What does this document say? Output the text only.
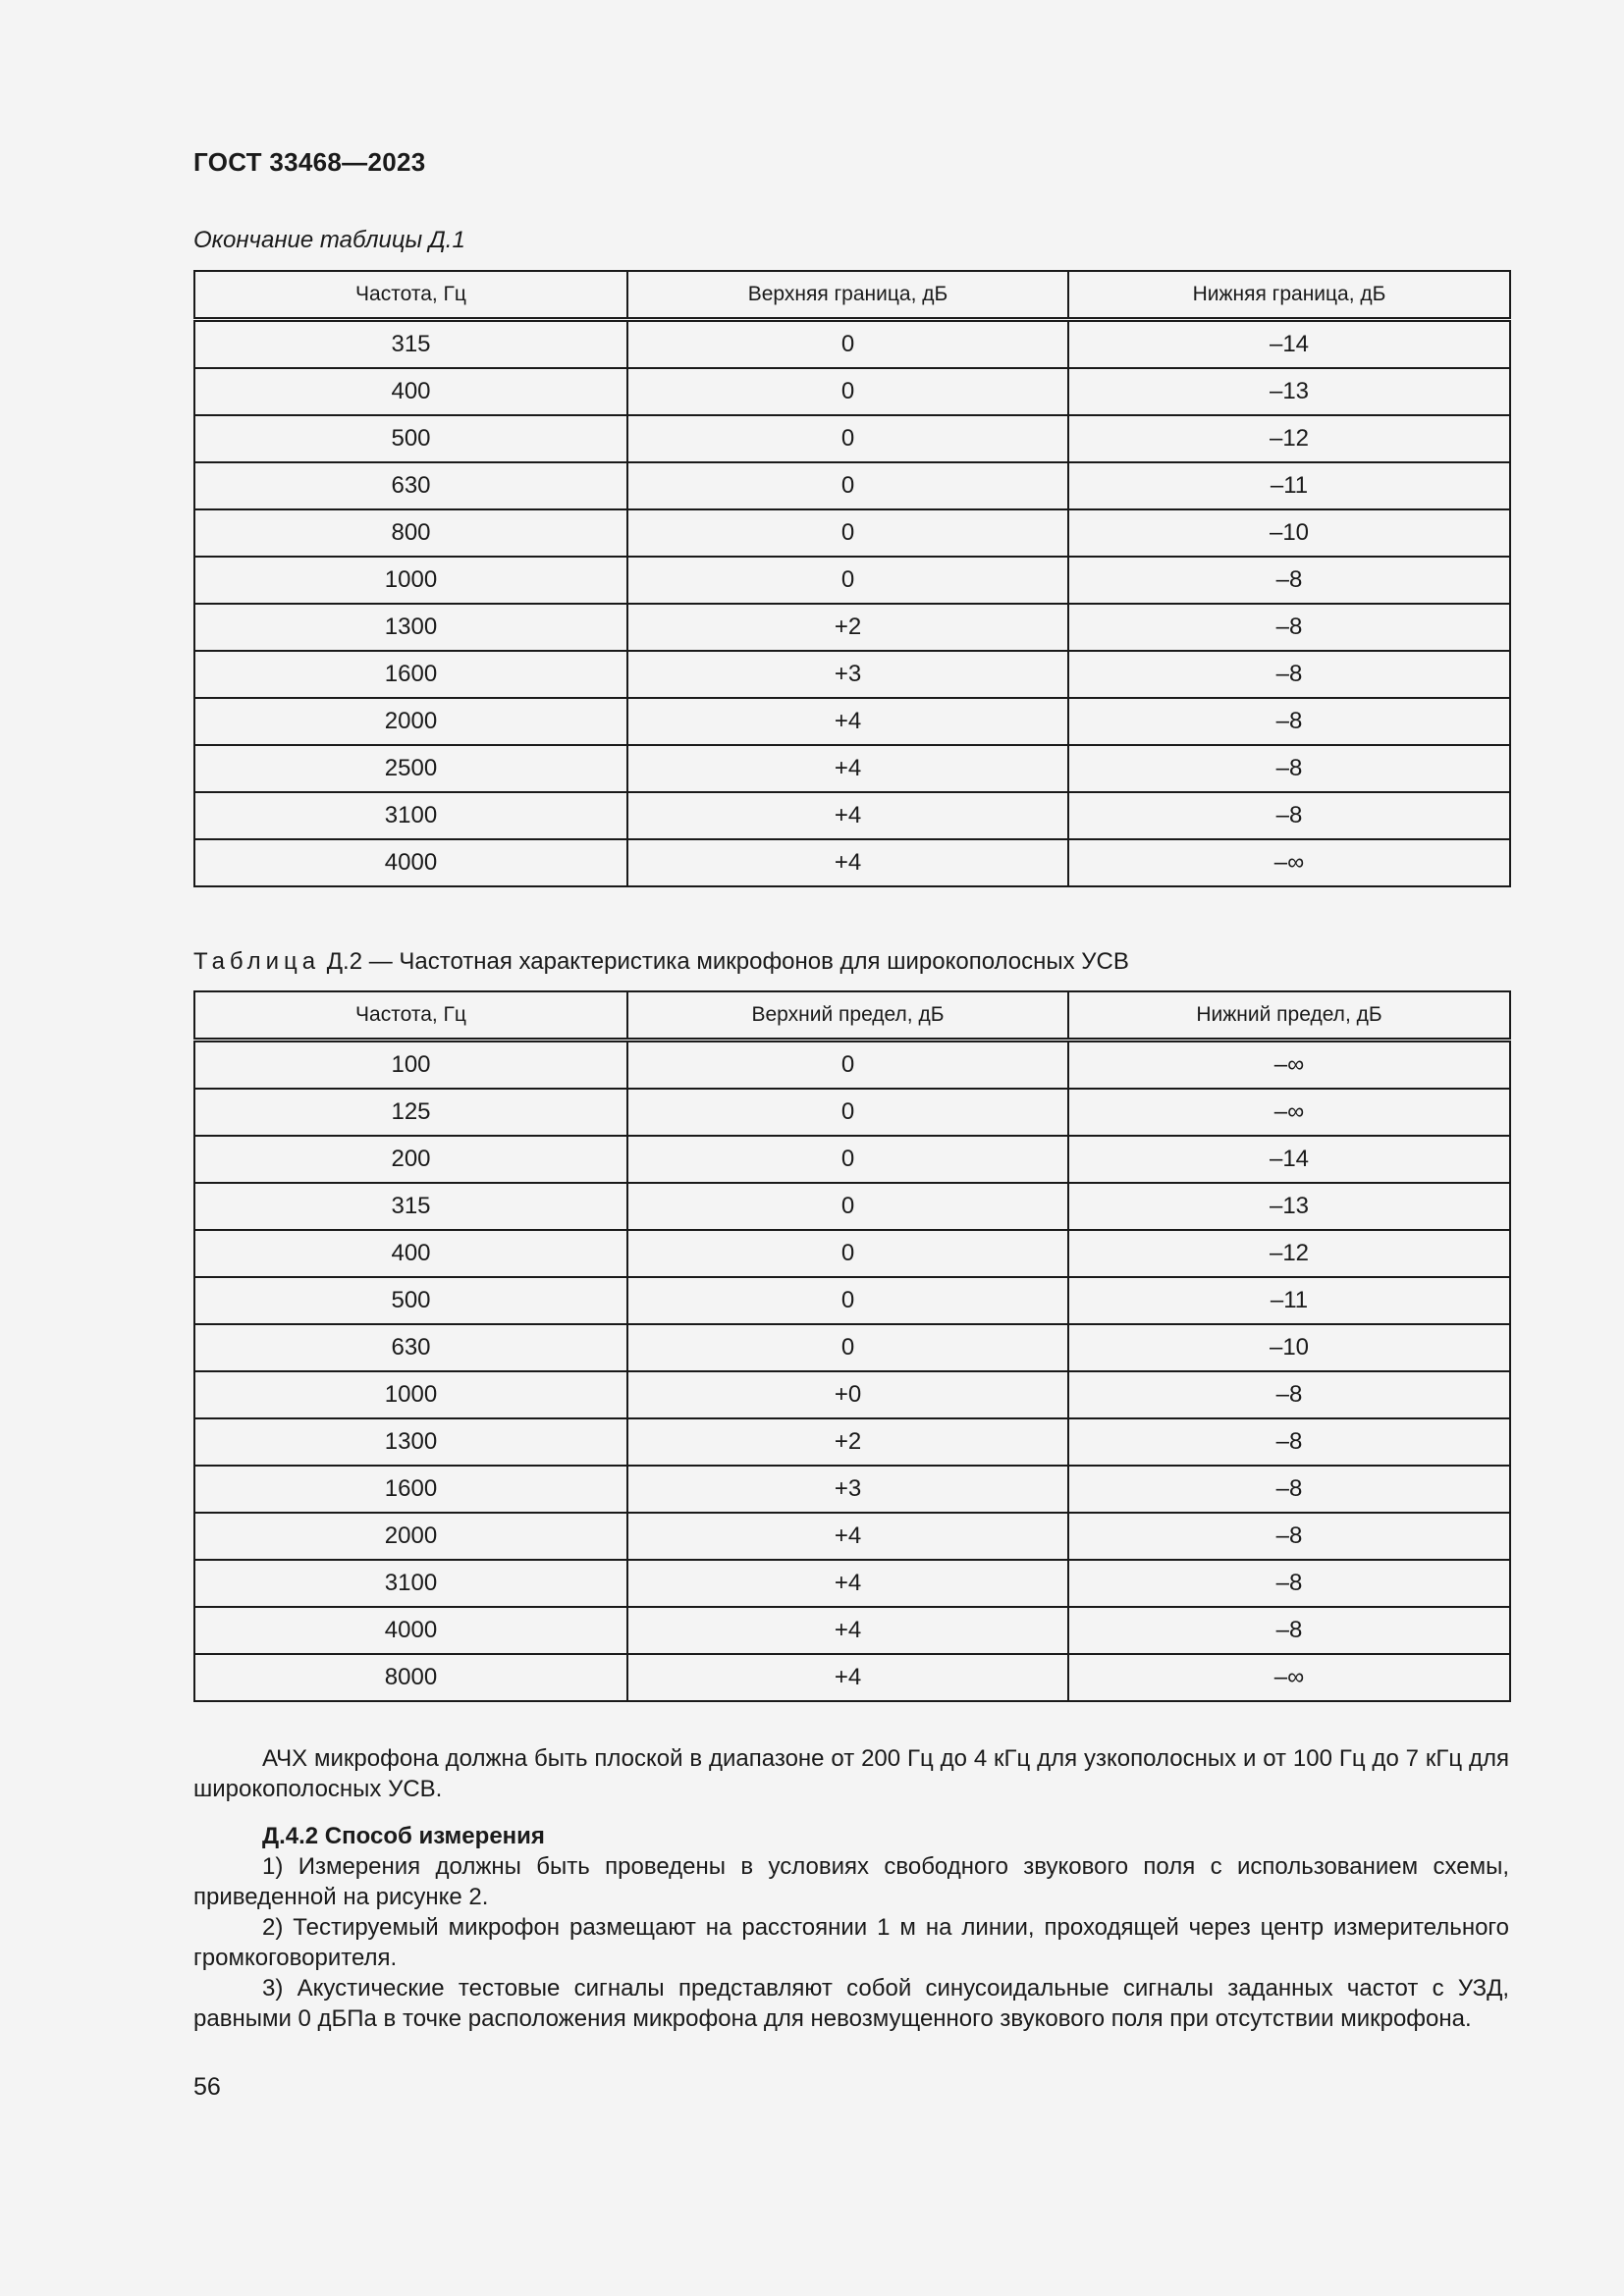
ГОСТ 33468—2023
Окончание таблицы Д.1
Частота, Гц	Верхняя граница, дБ	Нижняя граница, дБ
315	0	–14
400	0	–13
500	0	–12
630	0	–11
800	0	–10
1000	0	–8
1300	+2	–8
1600	+3	–8
2000	+4	–8
2500	+4	–8
3100	+4	–8
4000	+4	–∞
Таблица Д.2 — Частотная характеристика микрофонов для широкополосных УСВ
Частота, Гц	Верхний предел, дБ	Нижний предел, дБ
100	0	–∞
125	0	–∞
200	0	–14
315	0	–13
400	0	–12
500	0	–11
630	0	–10
1000	+0	–8
1300	+2	–8
1600	+3	–8
2000	+4	–8
3100	+4	–8
4000	+4	–8
8000	+4	–∞
АЧХ микрофона должна быть плоской в диапазоне от 200 Гц до 4 кГц для узкополосных и от 100 Гц до 7 кГц для широкополосных УСВ.
Д.4.2 Способ измерения
1) Измерения должны быть проведены в условиях свободного звукового поля с использованием схемы, приведенной на рисунке 2.
2) Тестируемый микрофон размещают на расстоянии 1 м на линии, проходящей через центр измерительного громкоговорителя.
3) Акустические тестовые сигналы представляют собой синусоидальные сигналы заданных частот с УЗД, равными 0 дБПа в точке расположения микрофона для невозмущенного звукового поля при отсутствии микрофона.
56
